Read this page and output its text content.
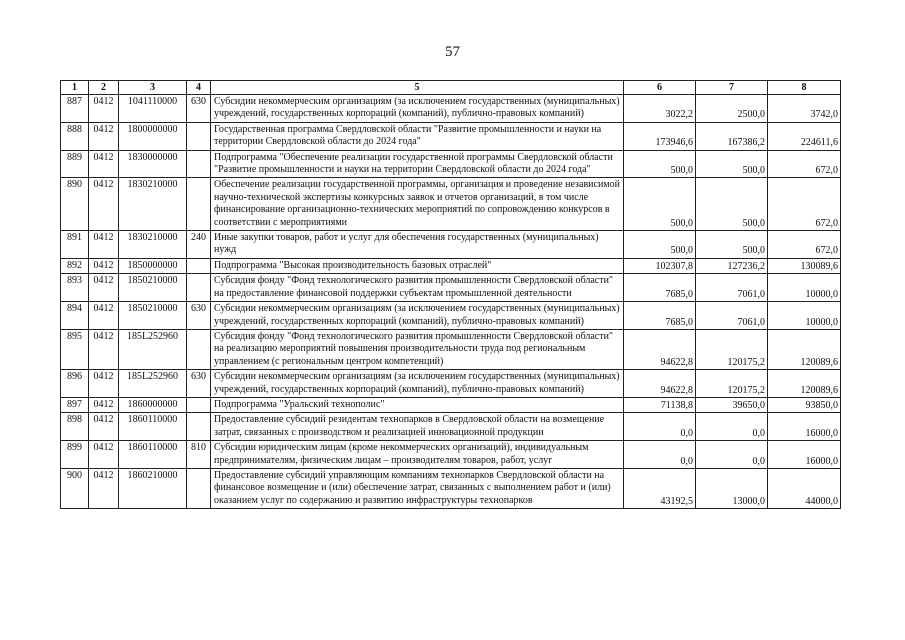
57
1	2	3	4	5	6	7	8
887	0412	1041110000	630	Субсидии некоммерческим организациям (за исключением государственных (муниципальных) учреждений, государственных корпораций (компаний), публично-правовых компаний)	3022,2	2500,0	3742,0
888	0412	1800000000		Государственная программа Свердловской области "Развитие промышленности и науки на территории Свердловской области до 2024 года"	173946,6	167386,2	224611,6
889	0412	1830000000		Подпрограмма "Обеспечение реализации государственной программы Свердловской области "Развитие промышленности и науки на территории Свердловской области до 2024 года"	500,0	500,0	672,0
890	0412	1830210000		Обеспечение реализации государственной программы, организация и проведение независимой научно-технической экспертизы конкурсных заявок и отчетов организаций, в том числе финансирование организационно-технических мероприятий по сопровождению конкурсов в соответствии с мероприятиями	500,0	500,0	672,0
891	0412	1830210000	240	Иные закупки товаров, работ и услуг для обеспечения государственных (муниципальных) нужд	500,0	500,0	672,0
892	0412	1850000000		Подпрограмма "Высокая производительность базовых отраслей"	102307,8	127236,2	130089,6
893	0412	1850210000		Субсидия фонду "Фонд технологического развития промышленности Свердловской области" на предоставление финансовой поддержки субъектам промышленной деятельности	7685,0	7061,0	10000,0
894	0412	1850210000	630	Субсидии некоммерческим организациям (за исключением государственных (муниципальных) учреждений, государственных корпораций (компаний), публично-правовых компаний)	7685,0	7061,0	10000,0
895	0412	185L252960		Субсидия фонду "Фонд технологического развития промышленности Свердловской области" на реализацию мероприятий повышения производительности труда под региональным управлением (с региональным центром компетенций)	94622,8	120175,2	120089,6
896	0412	185L252960	630	Субсидии некоммерческим организациям (за исключением государственных (муниципальных) учреждений, государственных корпораций (компаний), публично-правовых компаний)	94622,8	120175,2	120089,6
897	0412	1860000000		Подпрограмма "Уральский технополис"	71138,8	39650,0	93850,0
898	0412	1860110000		Предоставление субсидий резидентам технопарков в Свердловской области на возмещение затрат, связанных с производством и реализацией инновационной продукции	0,0	0,0	16000,0
899	0412	1860110000	810	Субсидии юридическим лицам (кроме некоммерческих организаций), индивидуальным предпринимателям, физическим лицам – производителям товаров, работ, услуг	0,0	0,0	16000,0
900	0412	1860210000		Предоставление субсидий управляющим компаниям технопарков Свердловской области на финансовое возмещение и (или) обеспечение затрат, связанных с выполнением работ и (или) оказанием услуг по содержанию и развитию инфраструктуры технопарков	43192,5	13000,0	44000,0
